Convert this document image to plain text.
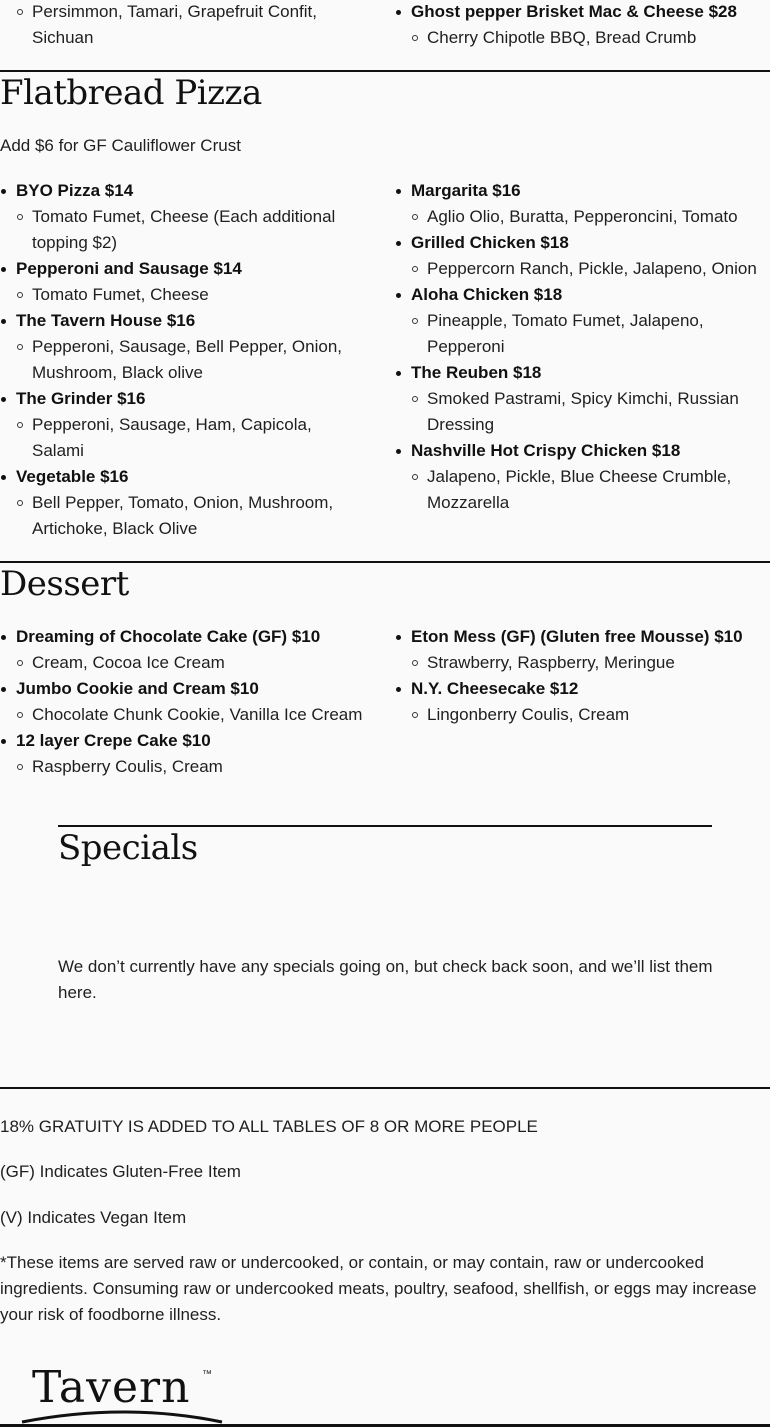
Persimmon, Tamari, Grapefruit Confit, Sichuan
Ghost pepper Brisket Mac & Cheese $28
Cherry Chipotle BBQ, Bread Crumb
Flatbread Pizza

Add $6 for GF Cauliflower Crust

BYO Pizza $14
Tomato Fumet, Cheese (Each additional topping $2)
Pepperoni and Sausage $14
Tomato Fumet, Cheese
The Tavern House $16
Pepperoni, Sausage, Bell Pepper, Onion, Mushroom, Black olive
The Grinder $16
Pepperoni, Sausage, Ham, Capicola, Salami
Vegetable $16
Bell Pepper, Tomato, Onion, Mushroom, Artichoke, Black Olive
Margarita $16
Aglio Olio, Buratta, Pepperoncini, Tomato
Grilled Chicken $18
Peppercorn Ranch, Pickle, Jalapeno, Onion
Aloha Chicken $18
Pineapple, Tomato Fumet, Jalapeno, Pepperoni
The Reuben $18
Smoked Pastrami, Spicy Kimchi, Russian Dressing
Nashville Hot Crispy Chicken $18
Jalapeno, Pickle, Blue Cheese Crumble, Mozzarella
Dessert
Dreaming of Chocolate Cake (GF) $10
Cream, Cocoa Ice Cream
Jumbo Cookie and Cream $10
Chocolate Chunk Cookie, Vanilla Ice Cream
12 layer Crepe Cake $10
Raspberry Coulis, Cream
Eton Mess (GF) (Gluten free Mousse) $10
Strawberry, Raspberry, Meringue
N.Y. Cheesecake $12
Lingonberry Coulis, Cream
Specials

We don’t currently have any specials going on, but check back soon, and we’ll list them here.

18% GRATUITY IS ADDED TO ALL TABLES OF 8 OR MORE PEOPLE

(GF) Indicates Gluten-Free Item

(V) Indicates Vegan Item

*These items are served raw or undercooked, or contain, or may contain, raw or undercooked ingredients. Consuming raw or undercooked meats, poultry, seafood, shellfish, or eggs may increase your risk of foodborne illness.

Tavern ™
